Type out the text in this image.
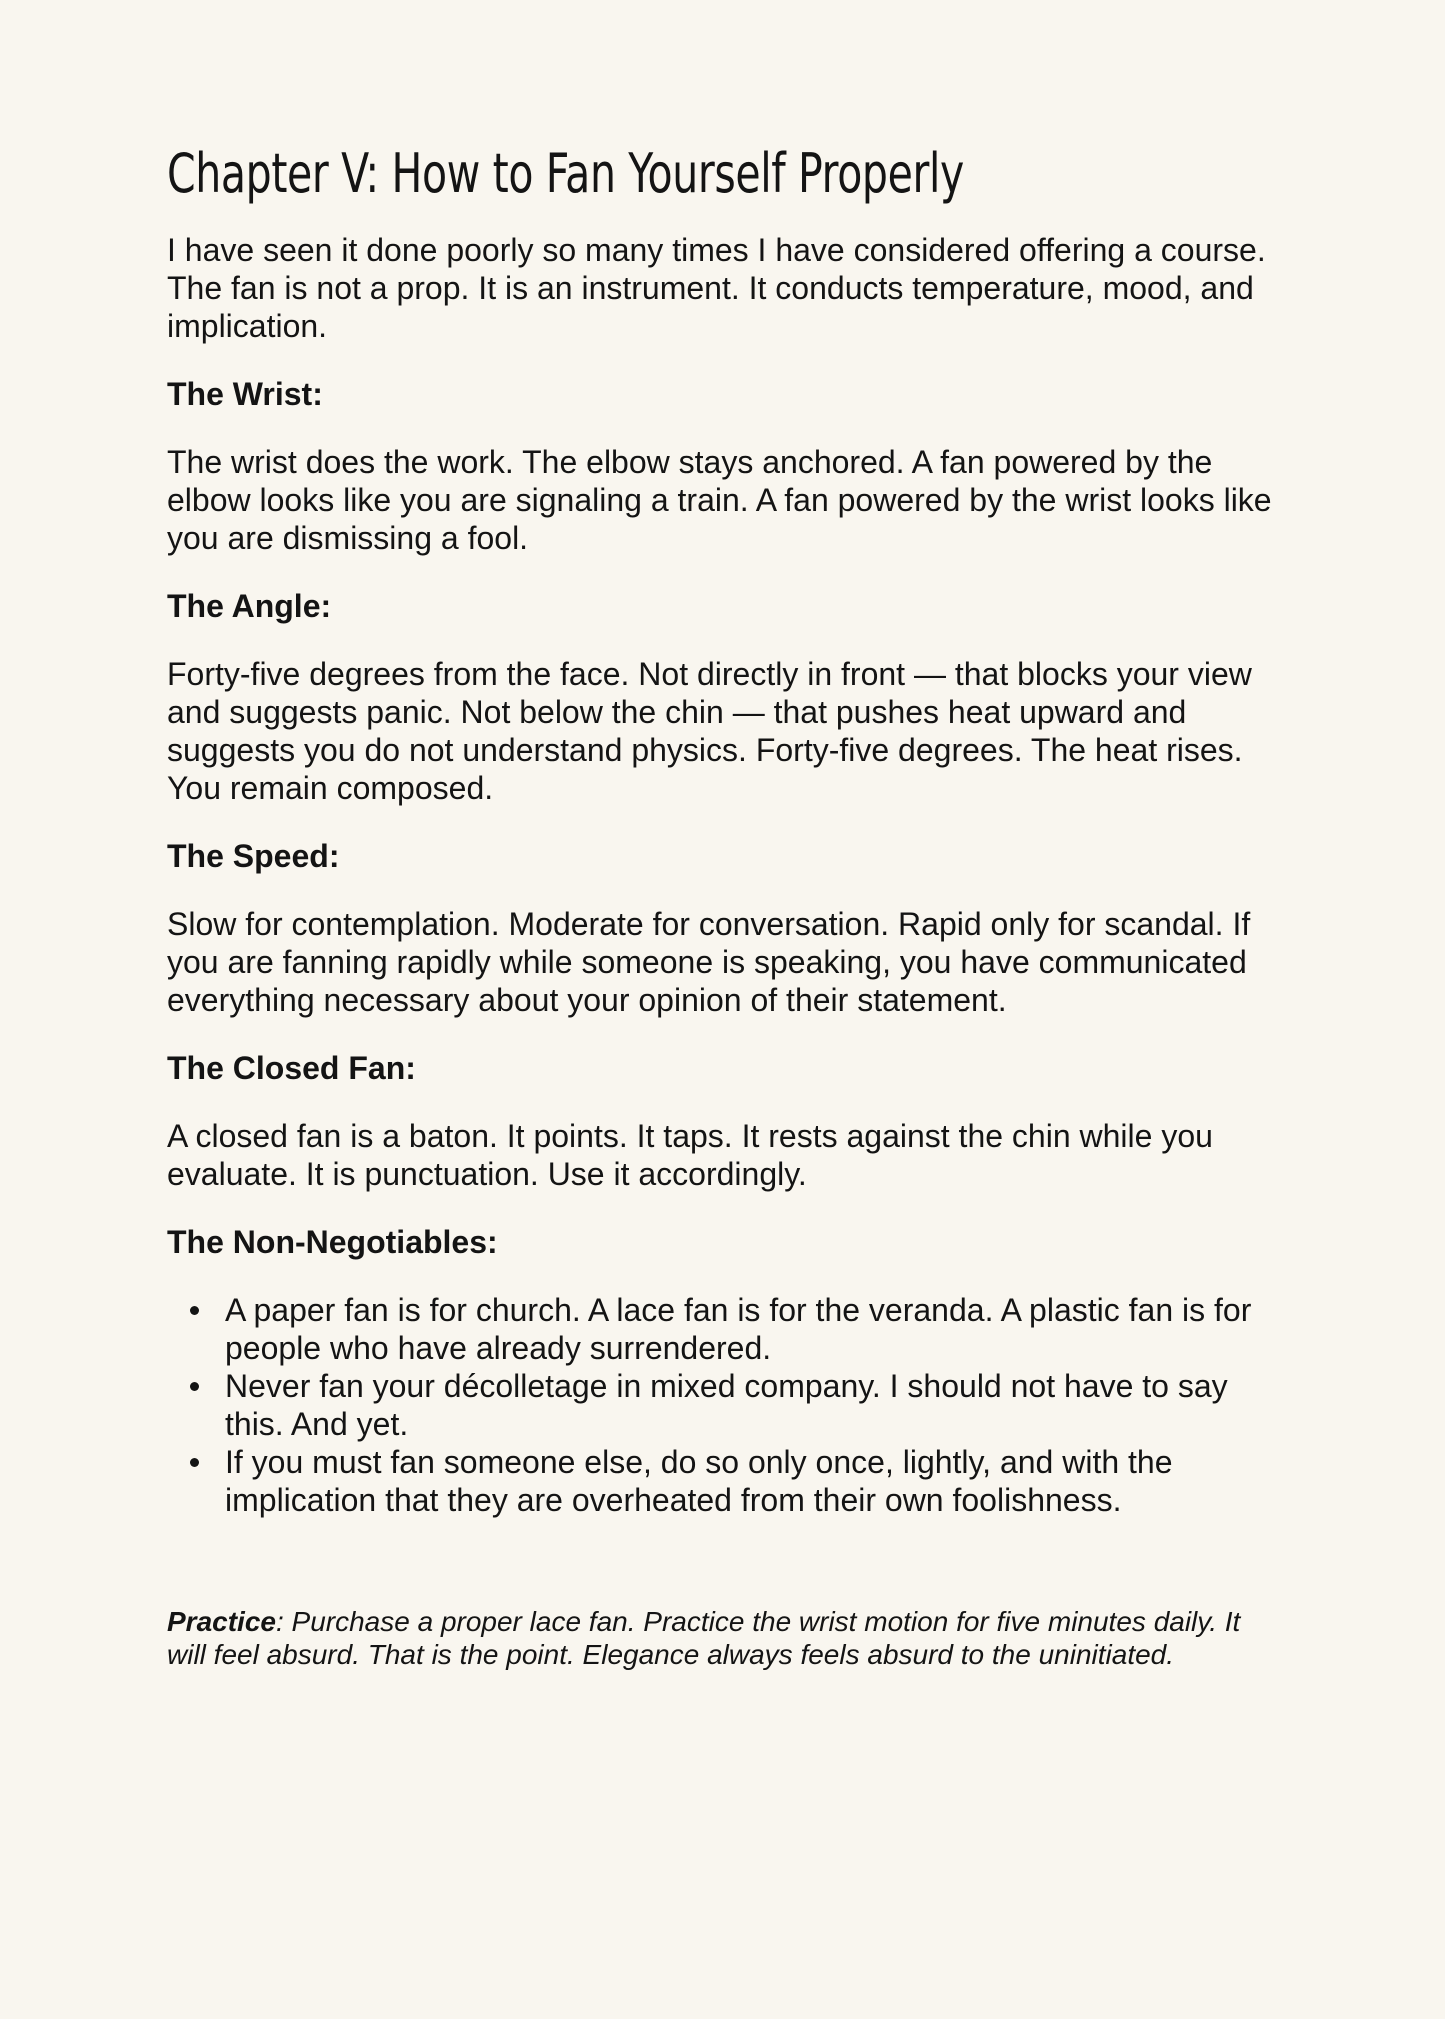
Chapter V: How to Fan Yourself Properly

I have seen it done poorly so many times I have considered offering a course. The fan is not a prop. It is an instrument. It conducts temperature, mood, and implication.

The Wrist:

The wrist does the work. The elbow stays anchored. A fan powered by the elbow looks like you are signaling a train. A fan powered by the wrist looks like you are dismissing a fool.

The Angle:

Forty-five degrees from the face. Not directly in front — that blocks your view and suggests panic. Not below the chin — that pushes heat upward and suggests you do not understand physics. Forty-five degrees. The heat rises. You remain composed.

The Speed:

Slow for contemplation. Moderate for conversation. Rapid only for scandal. If you are fanning rapidly while someone is speaking, you have communicated everything necessary about your opinion of their statement.

The Closed Fan:

A closed fan is a baton. It points. It taps. It rests against the chin while you evaluate. It is punctuation. Use it accordingly.

The Non-Negotiables:

A paper fan is for church. A lace fan is for the veranda. A plastic fan is for people who have already surrendered.
Never fan your décolletage in mixed company. I should not have to say this. And yet.
If you must fan someone else, do so only once, lightly, and with the implication that they are overheated from their own foolishness.

Practice: Purchase a proper lace fan. Practice the wrist motion for five minutes daily. It will feel absurd. That is the point. Elegance always feels absurd to the uninitiated.
